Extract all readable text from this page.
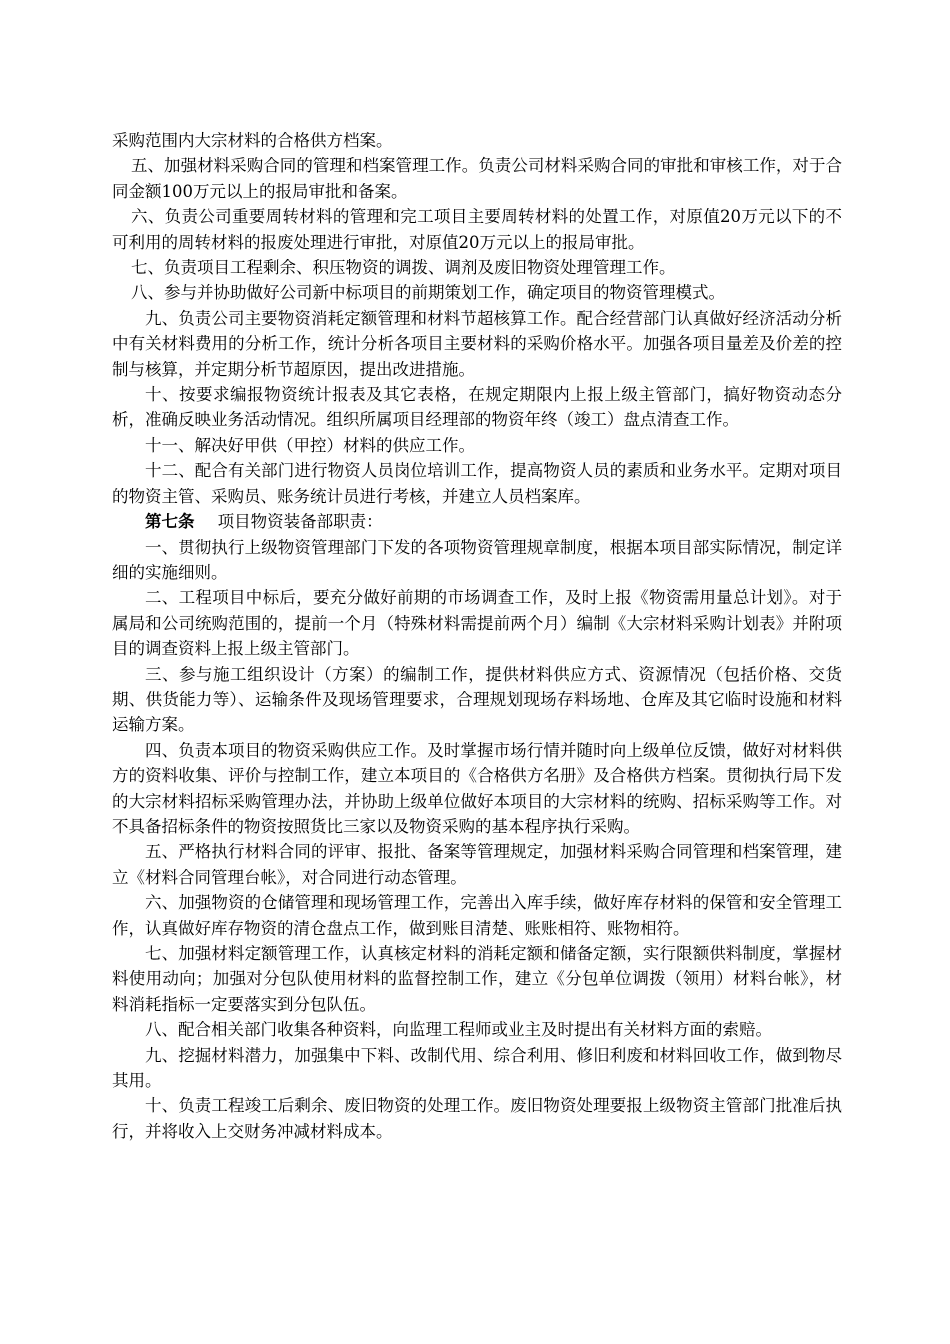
采购范围内大宗材料的合格供方档案。

五、加强材料采购合同的管理和档案管理工作。负责公司材料采购合同的审批和审核工作，对于合同金额100万元以上的报局审批和备案。

六、负责公司重要周转材料的管理和完工项目主要周转材料的处置工作，对原值20万元以下的不可利用的周转材料的报废处理进行审批，对原值20万元以上的报局审批。

七、负责项目工程剩余、积压物资的调拨、调剂及废旧物资处理管理工作。

八、参与并协助做好公司新中标项目的前期策划工作，确定项目的物资管理模式。

九、负责公司主要物资消耗定额管理和材料节超核算工作。配合经营部门认真做好经济活动分析中有关材料费用的分析工作，统计分析各项目主要材料的采购价格水平。加强各项目量差及价差的控制与核算，并定期分析节超原因，提出改进措施。

十、按要求编报物资统计报表及其它表格，在规定期限内上报上级主管部门，搞好物资动态分析，准确反映业务活动情况。组织所属项目经理部的物资年终（竣工）盘点清查工作。

十一、解决好甲供（甲控）材料的供应工作。

十二、配合有关部门进行物资人员岗位培训工作，提高物资人员的素质和业务水平。定期对项目的物资主管、采购员、账务统计员进行考核，并建立人员档案库。

第七条 项目物资装备部职责：

一、贯彻执行上级物资管理部门下发的各项物资管理规章制度，根据本项目部实际情况，制定详细的实施细则。

二、工程项目中标后，要充分做好前期的市场调查工作，及时上报《物资需用量总计划》。对于属局和公司统购范围的，提前一个月（特殊材料需提前两个月）编制《大宗材料采购计划表》并附项目的调查资料上报上级主管部门。

三、参与施工组织设计（方案）的编制工作，提供材料供应方式、资源情况（包括价格、交货期、供货能力等）、运输条件及现场管理要求，合理规划现场存料场地、仓库及其它临时设施和材料运输方案。

四、负责本项目的物资采购供应工作。及时掌握市场行情并随时向上级单位反馈，做好对材料供方的资料收集、评价与控制工作，建立本项目的《合格供方名册》及合格供方档案。贯彻执行局下发的大宗材料招标采购管理办法，并协助上级单位做好本项目的大宗材料的统购、招标采购等工作。对不具备招标条件的物资按照货比三家以及物资采购的基本程序执行采购。

五、严格执行材料合同的评审、报批、备案等管理规定，加强材料采购合同管理和档案管理，建立《材料合同管理台帐》，对合同进行动态管理。

六、加强物资的仓储管理和现场管理工作，完善出入库手续，做好库存材料的保管和安全管理工作，认真做好库存物资的清仓盘点工作，做到账目清楚、账账相符、账物相符。

七、加强材料定额管理工作，认真核定材料的消耗定额和储备定额，实行限额供料制度，掌握材料使用动向；加强对分包队使用材料的监督控制工作，建立《分包单位调拨（领用）材料台帐》，材料消耗指标一定要落实到分包队伍。

八、配合相关部门收集各种资料，向监理工程师或业主及时提出有关材料方面的索赔。

九、挖掘材料潜力，加强集中下料、改制代用、综合利用、修旧利废和材料回收工作，做到物尽其用。

十、负责工程竣工后剩余、废旧物资的处理工作。废旧物资处理要报上级物资主管部门批准后执行，并将收入上交财务冲减材料成本。
